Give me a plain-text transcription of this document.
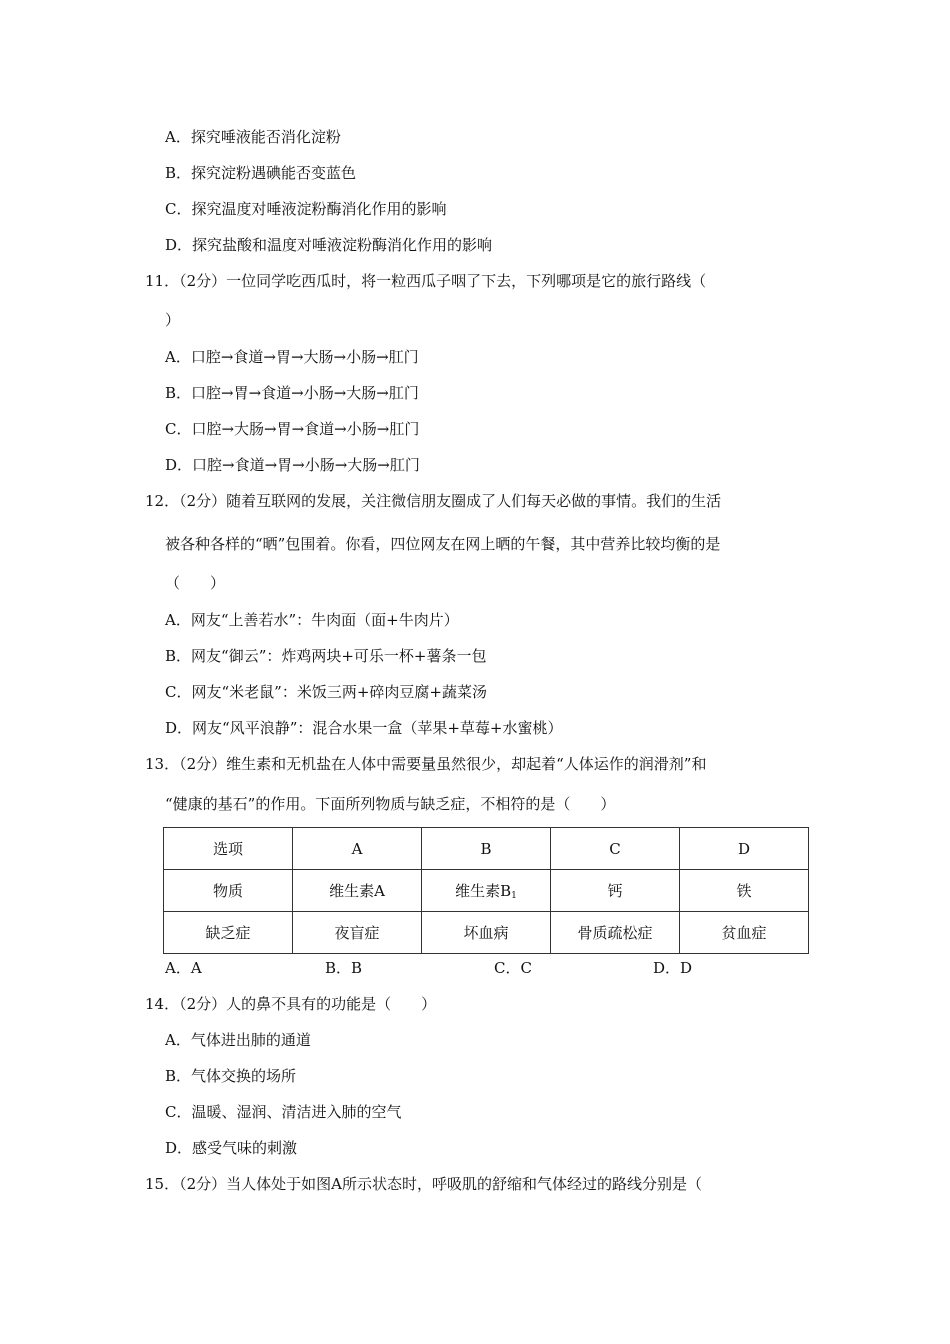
A．探究唾液能否消化淀粉
B．探究淀粉遇碘能否变蓝色
C．探究温度对唾液淀粉酶消化作用的影响
D．探究盐酸和温度对唾液淀粉酶消化作用的影响
11．（2分）一位同学吃西瓜时，将一粒西瓜子咽了下去，下列哪项是它的旅行路线（
）
A．口腔→食道→胃→大肠→小肠→肛门
B．口腔→胃→食道→小肠→大肠→肛门
C．口腔→大肠→胃→食道→小肠→肛门
D．口腔→食道→胃→小肠→大肠→肛门
12．（2分）随着互联网的发展，关注微信朋友圈成了人们每天必做的事情。我们的生活
被各种各样的“晒”包围着。你看，四位网友在网上晒的午餐，其中营养比较均衡的是
（　　）
A．网友“上善若水”：牛肉面（面+牛肉片）
B．网友“御云”：炸鸡两块+可乐一杯+薯条一包
C．网友“米老鼠”：米饭三两+碎肉豆腐+蔬菜汤
D．网友“风平浪静”：混合水果一盒（苹果+草莓+水蜜桃）
13．（2分）维生素和无机盐在人体中需要量虽然很少，却起着“人体运作的润滑剂”和
“健康的基石”的作用。下面所列物质与缺乏症，不相符的是（　　）
选项	A	B	C	D
物质	维生素A	维生素$B_1$	钙	铁
缺乏症	夜盲症	坏血病	骨质疏松症	贫血症
A．A	B．B	C．C	D．D
14．（2分）人的鼻不具有的功能是（　　）
A．气体进出肺的通道
B．气体交换的场所
C．温暖、湿润、清洁进入肺的空气
D．感受气味的刺激
15．（2分）当人体处于如图A所示状态时，呼吸肌的舒缩和气体经过的路线分别是（
